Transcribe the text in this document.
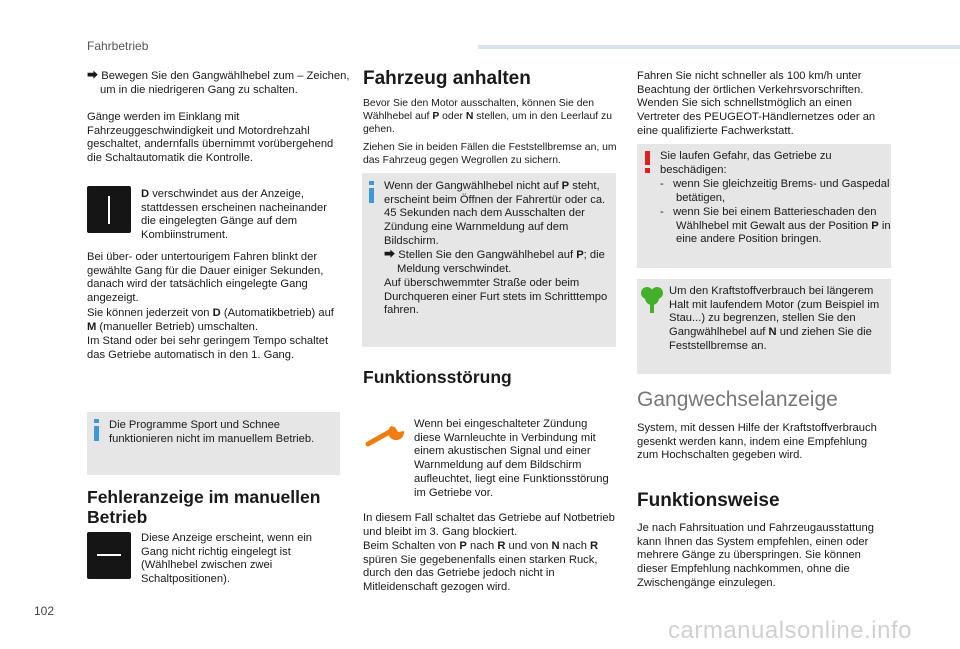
Fahrbetrieb

⮕ Bewegen Sie den Gangwählhebel zum – Zeichen, um in die niedrigeren Gang zu schalten.

Gänge werden im Einklang mit Fahrzeuggeschwindigkeit und Motordrehzahl geschaltet, andernfalls übernimmt vorübergehend die Schaltautomatik die Kontrolle.

D verschwindet aus der Anzeige, stattdessen erscheinen nacheinander die eingelegten Gänge auf dem Kombiinstrument.

Bei über- oder untertourigem Fahren blinkt der gewählte Gang für die Dauer einiger Sekunden, danach wird der tatsächlich eingelegte Gang angezeigt.

Sie können jederzeit von D (Automatikbetrieb) auf M (manueller Betrieb) umschalten.

Im Stand oder bei sehr geringem Tempo schaltet das Getriebe automatisch in den 1. Gang.

Die Programme Sport und Schnee funktionieren nicht im manuellem Betrieb.

Fehleranzeige im manuellen Betrieb

Diese Anzeige erscheint, wenn ein Gang nicht richtig eingelegt ist (Wählhebel zwischen zwei Schaltpositionen).

Fahrzeug anhalten

Bevor Sie den Motor ausschalten, können Sie den Wählhebel auf P oder N stellen, um in den Leerlauf zu gehen.

Ziehen Sie in beiden Fällen die Feststellbremse an, um das Fahrzeug gegen Wegrollen zu sichern.

Wenn der Gangwählhebel nicht auf P steht, erscheint beim Öffnen der Fahrertür oder ca. 45 Sekunden nach dem Ausschalten der Zündung eine Warnmeldung auf dem Bildschirm.

⮕ Stellen Sie den Gangwählhebel auf P; die Meldung verschwindet.

Auf überschwemmter Straße oder beim Durchqueren einer Furt stets im Schritttempo fahren.

Funktionsstörung

Wenn bei eingeschalteter Zündung diese Warnleuchte in Verbindung mit einem akustischen Signal und einer Warnmeldung auf dem Bildschirm aufleuchtet, liegt eine Funktionsstörung im Getriebe vor.

In diesem Fall schaltet das Getriebe auf Notbetrieb und bleibt im 3. Gang blockiert.

Beim Schalten von P nach R und von N nach R spüren Sie gegebenenfalls einen starken Ruck, durch den das Getriebe jedoch nicht in Mitleidenschaft gezogen wird.

Fahren Sie nicht schneller als 100 km/h unter Beachtung der örtlichen Verkehrsvorschriften. Wenden Sie sich schnellstmöglich an einen Vertreter des PEUGEOT-Händlernetzes oder an eine qualifizierte Fachwerkstatt.

Sie laufen Gefahr, das Getriebe zu beschädigen:

-   wenn Sie gleichzeitig Brems- und Gaspedal betätigen,

-   wenn Sie bei einem Batterieschaden den Wählhebel mit Gewalt aus der Position P in eine andere Position bringen.

Um den Kraftstoffverbrauch bei längerem Halt mit laufendem Motor (zum Beispiel im Stau...) zu begrenzen, stellen Sie den Gangwählhebel auf N und ziehen Sie die Feststellbremse an.

Gangwechselanzeige

System, mit dessen Hilfe der Kraftstoffverbrauch gesenkt werden kann, indem eine Empfehlung zum Hochschalten gegeben wird.

Funktionsweise

Je nach Fahrsituation und Fahrzeugausstattung kann Ihnen das System empfehlen, einen oder mehrere Gänge zu überspringen. Sie können dieser Empfehlung nachkommen, ohne die Zwischengänge einzulegen.

102
carmanualsonline.info
